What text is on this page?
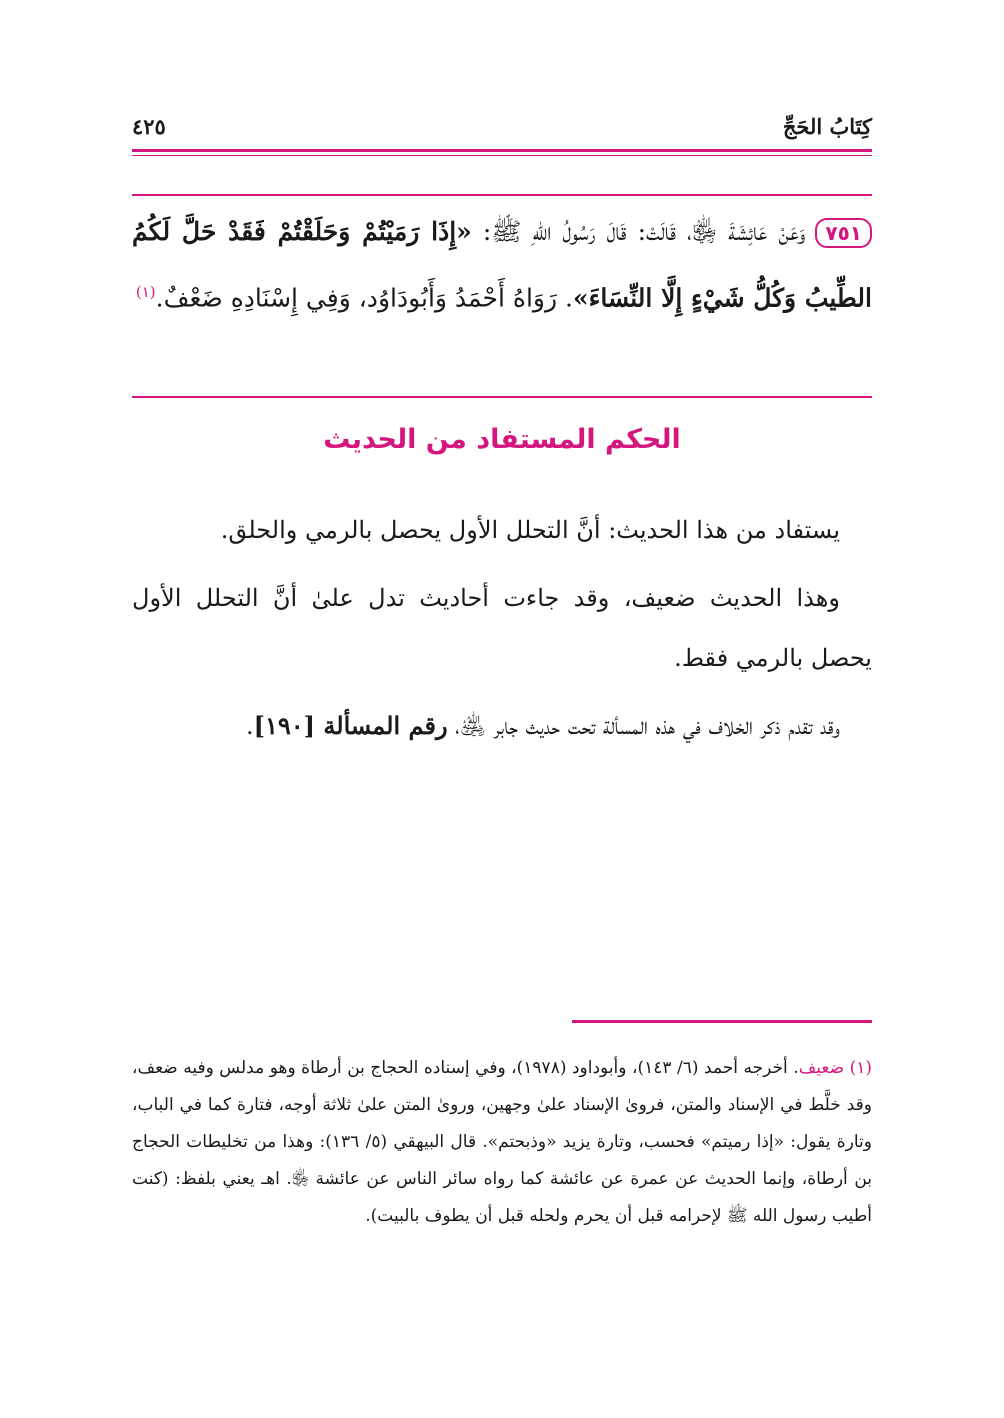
كِتَابُ الحَجِّ
٤٢٥
٧٥١وَعَنْ عَائِشَةَ ﵂، قَالَتْ: قَالَ رَسُولُ اللهِ ﷺ: «إِذَا رَمَيْتُمْ وَحَلَقْتُمْ فَقَدْ حَلَّ لَكُمُ الطِّيبُ وَكُلُّ شَيْءٍ إِلَّا النِّسَاءَ». رَوَاهُ أَحْمَدُ وَأَبُودَاوُد، وَفِي إِسْنَادِهِ ضَعْفٌ.$^{(١)}$
الحكم المستفاد من الحديث

يستفاد من هذا الحديث: أنَّ التحلل الأول يحصل بالرمي والحلق.

وهذا الحديث ضعيف، وقد جاءت أحاديث تدل علىٰ أنَّ التحلل الأول يحصل بالرمي فقط.

وقد تقدم ذكر الخلاف في هذه المسألة تحت حديث جابر ﵁، رقم المسألة [١٩٠].

(١) ضعيف. أخرجه أحمد (٦/ ١٤٣)، وأبوداود (١٩٧٨)، وفي إسناده الحجاج بن أرطاة وهو مدلس وفيه ضعف، وقد خلَّط في الإسناد والمتن، فروىٰ الإسناد علىٰ وجهين، وروىٰ المتن علىٰ ثلاثة أوجه، فتارة كما في الباب، وتارة يقول: «إذا رميتم» فحسب، وتارة يزيد «وذبحتم». قال البيهقي (٥/ ١٣٦): وهذا من تخليطات الحجاج بن أرطاة، وإنما الحديث عن عمرة عن عائشة كما رواه سائر الناس عن عائشة ﵂. اهـ يعني بلفظ: (كنت أطيب رسول الله ﷺ لإحرامه قبل أن يحرم ولحله قبل أن يطوف بالبيت).
